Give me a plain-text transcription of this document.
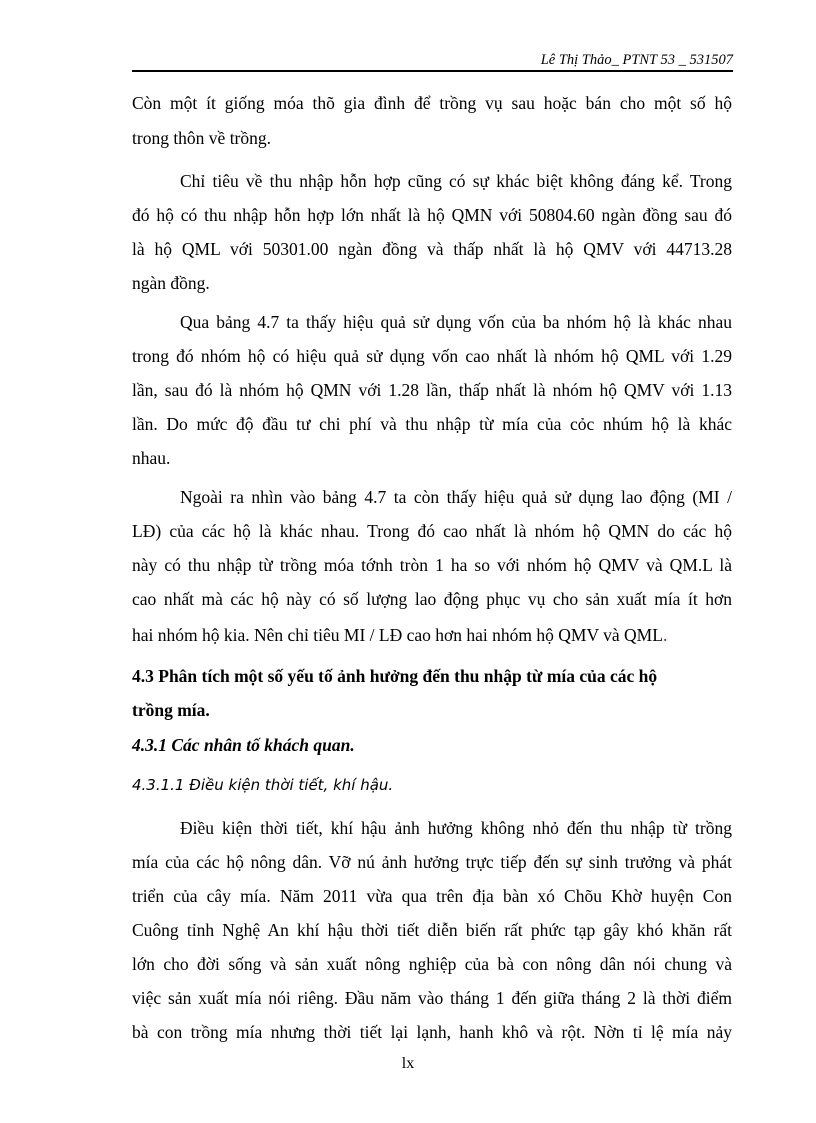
Lê Thị Thảo_ PTNT 53 _ 531507
Còn một ít giống móa thõ gia đình để trồng vụ sau hoặc bán cho một số hộ
trong thôn về trồng.
Chỉ tiêu về thu nhập hỗn hợp cũng có sự khác biệt không đáng kể. Trong
đó hộ có thu nhập hỗn hợp lớn nhất là hộ QMN với 50804.60 ngàn đồng sau đó
là hộ QML với 50301.00 ngàn đồng và thấp nhất là hộ QMV với 44713.28
ngàn đồng.
Qua bảng 4.7 ta thấy hiệu quả sử dụng vốn của ba nhóm hộ là khác nhau
trong đó nhóm hộ có hiệu quả sử dụng vốn cao nhất là nhóm hộ QML với 1.29
lần, sau đó là nhóm hộ QMN với 1.28 lần, thấp nhất là nhóm hộ QMV với 1.13
lần. Do mức độ đầu tư chi phí và thu nhập từ mía của cỏc nhúm hộ là khác
nhau.
Ngoài ra nhìn vào bảng 4.7 ta còn thấy hiệu quả sử dụng lao động (MI /
LĐ) của các hộ là khác nhau. Trong đó cao nhất là nhóm hộ QMN do các hộ
này có thu nhập từ trồng móa tớnh tròn 1 ha so với nhóm hộ QMV và QM.L là
cao nhất mà các hộ này có số lượng lao động phục vụ cho sản xuất mía ít hơn
hai nhóm hộ kia. Nên chỉ tiêu MI / LĐ cao hơn hai nhóm hộ QMV và QML.
4.3 Phân tích một số yếu tố ảnh hưởng đến thu nhập từ mía của các hộ
trồng mía.
4.3.1 Các nhân tố khách quan.
4.3.1.1 Điều kiện thời tiết, khí hậu.
Điều kiện thời tiết, khí hậu ảnh hưởng không nhỏ đến thu nhập từ trồng
mía của các hộ nông dân. Vỡ nú ảnh hưởng trực tiếp đến sự sinh trưởng và phát
triển của cây mía. Năm 2011 vừa qua trên địa bàn xó Chõu Khờ huyện Con
Cuông tỉnh Nghệ An khí hậu thời tiết diễn biến rất phức tạp gây khó khăn rất
lớn cho đời sống và sản xuất nông nghiệp của bà con nông dân nói chung và
việc sản xuất mía nói riêng. Đầu năm vào tháng 1 đến giữa tháng 2 là thời điểm
bà con trồng mía nhưng thời tiết lại lạnh, hanh khô và rột. Nờn tỉ lệ mía nảy
lx
